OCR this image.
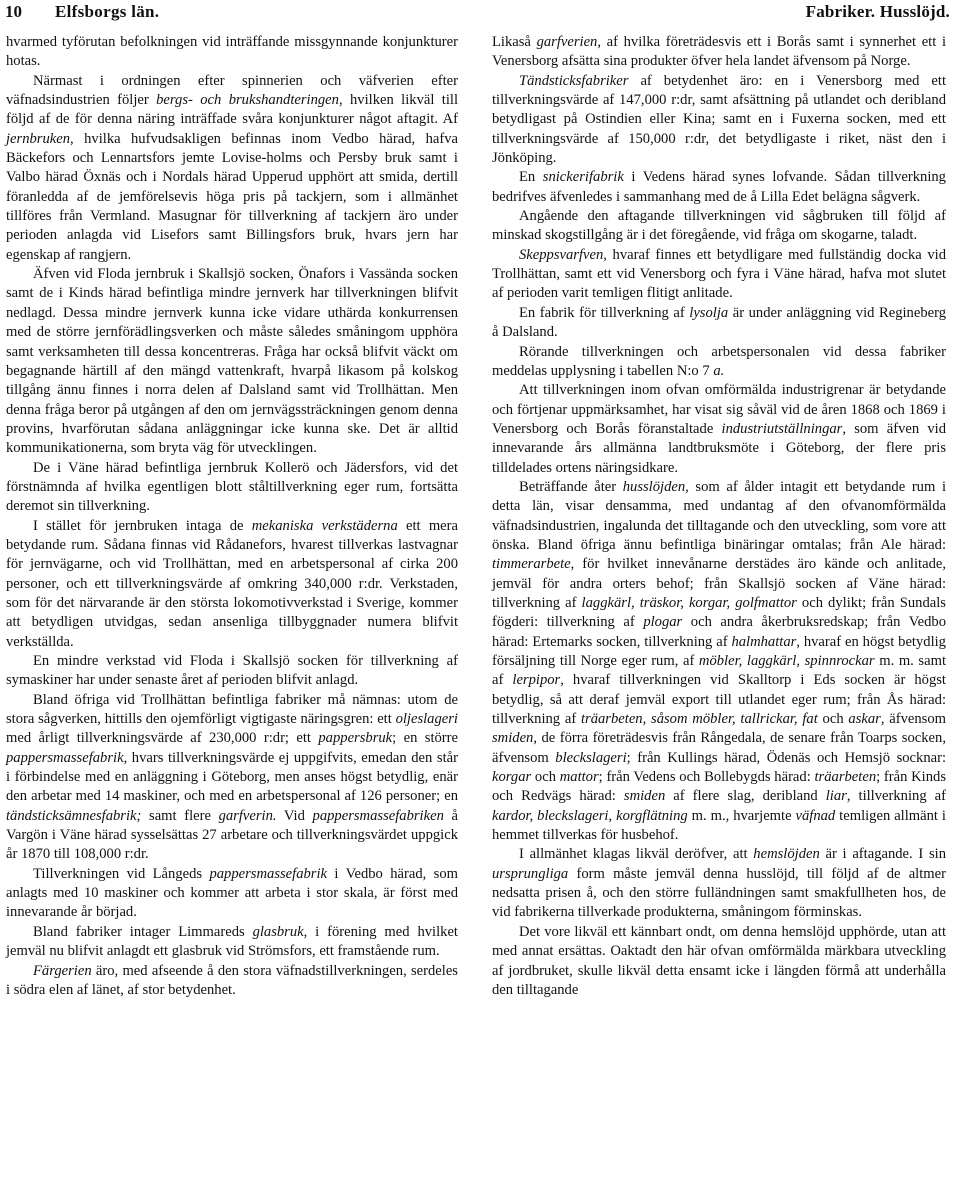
10 Elfsborgs län.	Fabriker. Husslöjd.

hvarmed tyförutan befolkningen vid inträffande missgynnande konjunkturer hotas.

Närmast i ordningen efter spinnerien och väfverien efter väfnadsindustrien följer bergs- och brukshandteringen, hvilken likväl till följd af de för denna näring inträffade svåra konjunkturer något aftagit. Af jernbruken, hvilka hufvudsakligen befinnas inom Vedbo härad, hafva Bäckefors och Lennartsfors jemte Lovise-holms och Persby bruk samt i Valbo härad Öxnäs och i Nordals härad Upperud upphört att smida, dertill föranledda af de jemförelsevis höga pris på tackjern, som i allmänhet tillföres från Vermland. Masugnar för tillverkning af tackjern äro under perioden anlagda vid Lisefors samt Billingsfors bruk, hvars jern har egenskap af rangjern.

Äfven vid Floda jernbruk i Skallsjö socken, Önafors i Vassända socken samt de i Kinds härad befintliga mindre jernverk har tillverkningen blifvit nedlagd. Dessa mindre jernverk kunna icke vidare uthärda konkurrensen med de större jernförädlingsverken och måste således småningom upphöra samt verksamheten till dessa koncentreras. Fråga har också blifvit väckt om begagnande härtill af den mängd vattenkraft, hvarpå likasom på kolskog tillgång ännu finnes i norra delen af Dalsland samt vid Trollhättan. Men denna fråga beror på utgången af den om jernvägssträckningen genom denna provins, hvarförutan sådana anläggningar icke kunna ske. Det är alltid kommunikationerna, som bryta väg för utvecklingen.

De i Väne härad befintliga jernbruk Kollerö och Jädersfors, vid det förstnämnda af hvilka egentligen blott ståltillverkning eger rum, fortsätta deremot sin tillverkning.

I stället för jernbruken intaga de mekaniska verkstäderna ett mera betydande rum. Sådana finnas vid Rådanefors, hvarest tillverkas lastvagnar för jernvägarne, och vid Trollhättan, med en arbetspersonal af cirka 200 personer, och ett tillverkningsvärde af omkring 340,000 r:dr. Verkstaden, som för det närvarande är den största lokomotivverkstad i Sverige, kommer att betydligen utvidgas, sedan ansenliga tillbyggnader numera blifvit verkställda.

En mindre verkstad vid Floda i Skallsjö socken för tillverkning af symaskiner har under senaste året af perioden blifvit anlagd.

Bland öfriga vid Trollhättan befintliga fabriker må nämnas: utom de stora sågverken, hittills den ojemförligt vigtigaste näringsgren: ett oljeslageri med årligt tillverkningsvärde af 230,000 r:dr; ett pappersbruk; en större pappersmassefabrik, hvars tillverkningsvärde ej uppgifvits, emedan den står i förbindelse med en anläggning i Göteborg, men anses högst betydlig, enär den arbetar med 14 maskiner, och med en arbetspersonal af 126 personer; en tändsticksämnesfabrik; samt flere garfverin. Vid pappersmassefabriken å Vargön i Väne härad sysselsättas 27 arbetare och tillverkningsvärdet uppgick år 1870 till 108,000 r:dr.

Tillverkningen vid Långeds pappersmassefabrik i Vedbo härad, som anlagts med 10 maskiner och kommer att arbeta i stor skala, är först med innevarande år börjad.

Bland fabriker intager Limmareds glasbruk, i förening med hvilket jemväl nu blifvit anlagdt ett glasbruk vid Strömsfors, ett framstående rum.

Färgerien äro, med afseende å den stora väfnadstillverkningen, serdeles i södra elen af länet, af stor betydenhet.

Likaså garfverien, af hvilka företrädesvis ett i Borås samt i synnerhet ett i Venersborg afsätta sina produkter öfver hela landet äfvensom på Norge.

Tändsticksfabriker af betydenhet äro: en i Venersborg med ett tillverkningsvärde af 147,000 r:dr, samt afsättning på utlandet och deribland betydligast på Ostindien eller Kina; samt en i Fuxerna socken, med ett tillverkningsvärde af 150,000 r:dr, det betydligaste i riket, näst den i Jönköping.

En snickerifabrik i Vedens härad synes lofvande. Sådan tillverkning bedrifves äfvenledes i sammanhang med de å Lilla Edet belägna sågverk.

Angående den aftagande tillverkningen vid sågbruken till följd af minskad skogstillgång är i det föregående, vid fråga om skogarne, taladt.

Skeppsvarfven, hvaraf finnes ett betydligare med fullständig docka vid Trollhättan, samt ett vid Venersborg och fyra i Väne härad, hafva mot slutet af perioden varit temligen flitigt anlitade.

En fabrik för tillverkning af lysolja är under anläggning vid Regineberg å Dalsland.

Rörande tillverkningen och arbetspersonalen vid dessa fabriker meddelas upplysning i tabellen N:o 7 a.

Att tillverkningen inom ofvan omförmälda industrigrenar är betydande och förtjenar uppmärksamhet, har visat sig såväl vid de åren 1868 och 1869 i Venersborg och Borås föranstaltade industriutställningar, som äfven vid innevarande års allmänna landtbruksmöte i Göteborg, der flere pris tilldelades ortens näringsidkare.

Beträffande åter husslöjden, som af ålder intagit ett betydande rum i detta län, visar densamma, med undantag af den ofvanomförmälda väfnadsindustrien, ingalunda det tilltagande och den utveckling, som vore att önska. Bland öfriga ännu befintliga binäringar omtalas; från Ale härad: timmerarbete, för hvilket innevånarne derstädes äro kände och anlitade, jemväl för andra orters behof; från Skallsjö socken af Väne härad: tillverkning af laggkärl, träskor, korgar, golfmattor och dylikt; från Sundals fögderi: tillverkning af plogar och andra åkerbruksredskap; från Vedbo härad: Ertemarks socken, tillverkning af halmhattar, hvaraf en högst betydlig försäljning till Norge eger rum, af möbler, laggkärl, spinnrockar m. m. samt af lerpipor, hvaraf tillverkningen vid Skalltorp i Eds socken är högst betydlig, så att deraf jemväl export till utlandet eger rum; från Ås härad: tillverkning af träarbeten, såsom möbler, tallrickar, fat och askar, äfvensom smiden, de förra företrädesvis från Rångedala, de senare från Toarps socken, äfvensom bleckslageri; från Kullings härad, Ödenäs och Hemsjö socknar: korgar och mattor; från Vedens och Bollebygds härad: träarbeten; från Kinds och Redvägs härad: smiden af flere slag, deribland liar, tillverkning af kardor, bleckslageri, korgflätning m. m., hvarjemte väfnad temligen allmänt i hemmet tillverkas för husbehof.

I allmänhet klagas likväl deröfver, att hemslöjden är i aftagande. I sin ursprungliga form måste jemväl denna husslöjd, till följd af de altmer nedsatta prisen å, och den större fulländningen samt smakfullheten hos, de vid fabrikerna tillverkade produkterna, småningom förminskas.

Det vore likväl ett kännbart ondt, om denna hemslöjd upphörde, utan att med annat ersättas. Oaktadt den här ofvan omförmälda märkbara utveckling af jordbruket, skulle likväl detta ensamt icke i längden förmå att underhålla den tilltagande
